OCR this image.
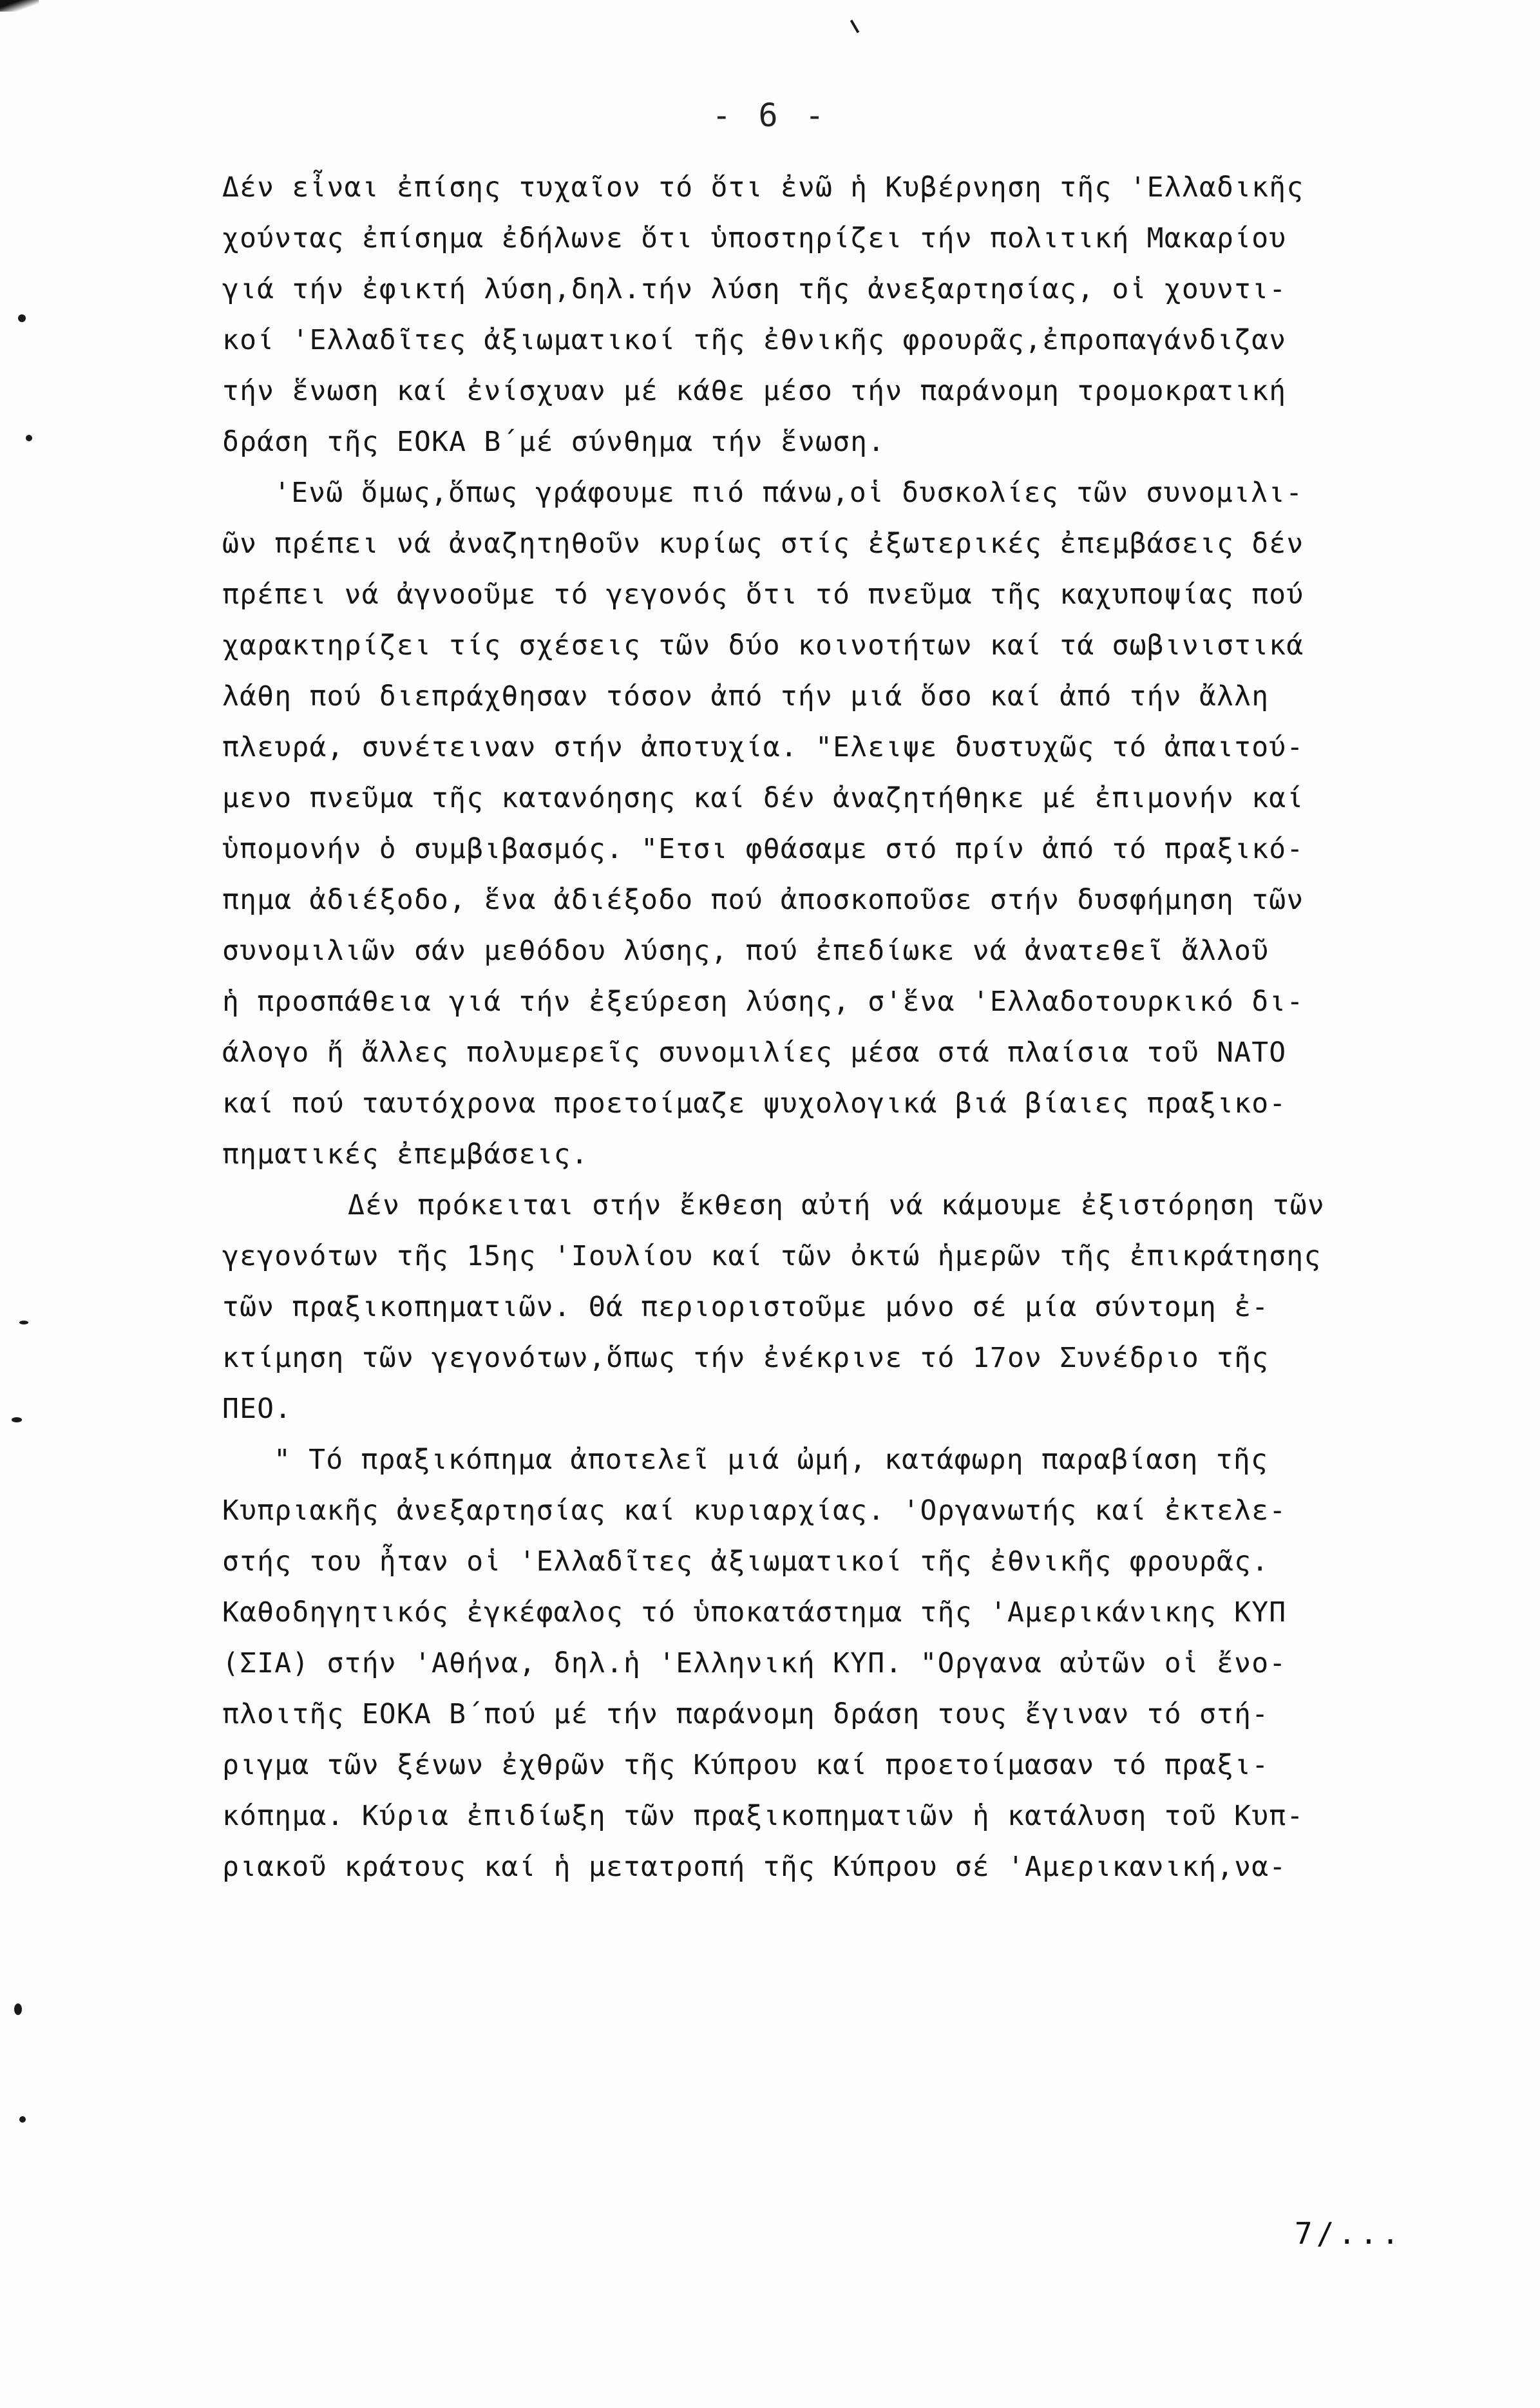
- 6 -
Δέν εἶναι ἐπίσης τυχαῖον τό ὅτι ἐνῶ ἡ Κυβέρνηση τῆς 'Ελλαδικῆς
χούντας ἐπίσημα ἐδήλωνε ὅτι ὑποστηρίζει τήν πολιτική Μακαρίου
γιά τήν ἐφικτή λύση,δηλ.τήν λύση τῆς ἀνεξαρτησίας, οἱ χουντι-
κοί 'Ελλαδῖτες ἀξιωματικοί τῆς ἐθνικῆς φρουρᾶς,ἐπροπαγάνδιζαν
τήν ἕνωση καί ἐνίσχυαν μέ κάθε μέσο τήν παράνομη τρομοκρατική
δράση τῆς ΕΟΚΑ Β΄μέ σύνθημα τήν ἕνωση.
'Ενῶ ὅμως,ὅπως γράφουμε πιό πάνω,οἱ δυσκολίες τῶν συνομιλι-
ῶν πρέπει νά ἀναζητηθοῦν κυρίως στίς ἐξωτερικές ἐπεμβάσεις δέν
πρέπει νά ἀγνοοῦμε τό γεγονός ὅτι τό πνεῦμα τῆς καχυποψίας πού
χαρακτηρίζει τίς σχέσεις τῶν δύο κοινοτήτων καί τά σωβινιστικά
λάθη πού διεπράχθησαν τόσον ἀπό τήν μιά ὅσο καί ἀπό τήν ἄλλη
πλευρά, συνέτειναν στήν ἀποτυχία. "Ελειψε δυστυχῶς τό ἀπαιτού-
μενο πνεῦμα τῆς κατανόησης καί δέν ἀναζητήθηκε μέ ἐπιμονήν καί
ὑπομονήν ὁ συμβιβασμός. "Ετσι φθάσαμε στό πρίν ἀπό τό πραξικό-
πημα ἀδιέξοδο, ἕνα ἀδιέξοδο πού ἀποσκοποῦσε στήν δυσφήμηση τῶν
συνομιλιῶν σάν μεθόδου λύσης, πού ἐπεδίωκε νά ἀνατεθεῖ ἄλλοῦ
ἡ προσπάθεια γιά τήν ἐξεύρεση λύσης, σ'ἕνα 'Ελλαδοτουρκικό δι-
άλογο ἤ ἄλλες πολυμερεῖς συνομιλίες μέσα στά πλαίσια τοῦ ΝΑΤΟ
καί πού ταυτόχρονα προετοίμαζε ψυχολογικά βιά βίαιες πραξικο-
πηματικές ἐπεμβάσεις.
Δέν πρόκειται στήν ἔκθεση αὐτή νά κάμουμε ἐξιστόρηση τῶν
γεγονότων τῆς 15ης 'Ιουλίου καί τῶν ὀκτώ ἡμερῶν τῆς ἐπικράτησης
τῶν πραξικοπηματιῶν. Θά περιοριστοῦμε μόνο σέ μία σύντομη ἐ-
κτίμηση τῶν γεγονότων,ὅπως τήν ἐνέκρινε τό 17ον Συνέδριο τῆς
ΠΕΟ.
" Τό πραξικόπημα ἀποτελεῖ μιά ὠμή, κατάφωρη παραβίαση τῆς
Κυπριακῆς ἀνεξαρτησίας καί κυριαρχίας. 'Οργανωτής καί ἐκτελε-
στής του ἦταν οἱ 'Ελλαδῖτες ἀξιωματικοί τῆς ἐθνικῆς φρουρᾶς.
Καθοδηγητικός ἐγκέφαλος τό ὑποκατάστημα τῆς 'Αμερικάνικης ΚΥΠ
(ΣΙΑ) στήν 'Αθήνα, δηλ.ἡ 'Ελληνική ΚΥΠ. "Οργανα αὐτῶν οἱ ἔνο-
πλοιτῆς ΕΟΚΑ Β΄πού μέ τήν παράνομη δράση τους ἔγιναν τό στή-
ριγμα τῶν ξένων ἐχθρῶν τῆς Κύπρου καί προετοίμασαν τό πραξι-
κόπημα. Κύρια ἐπιδίωξη τῶν πραξικοπηματιῶν ἡ κατάλυση τοῦ Κυπ-
ριακοῦ κράτους καί ἡ μετατροπή τῆς Κύπρου σέ 'Αμερικανική,να-
7/...
